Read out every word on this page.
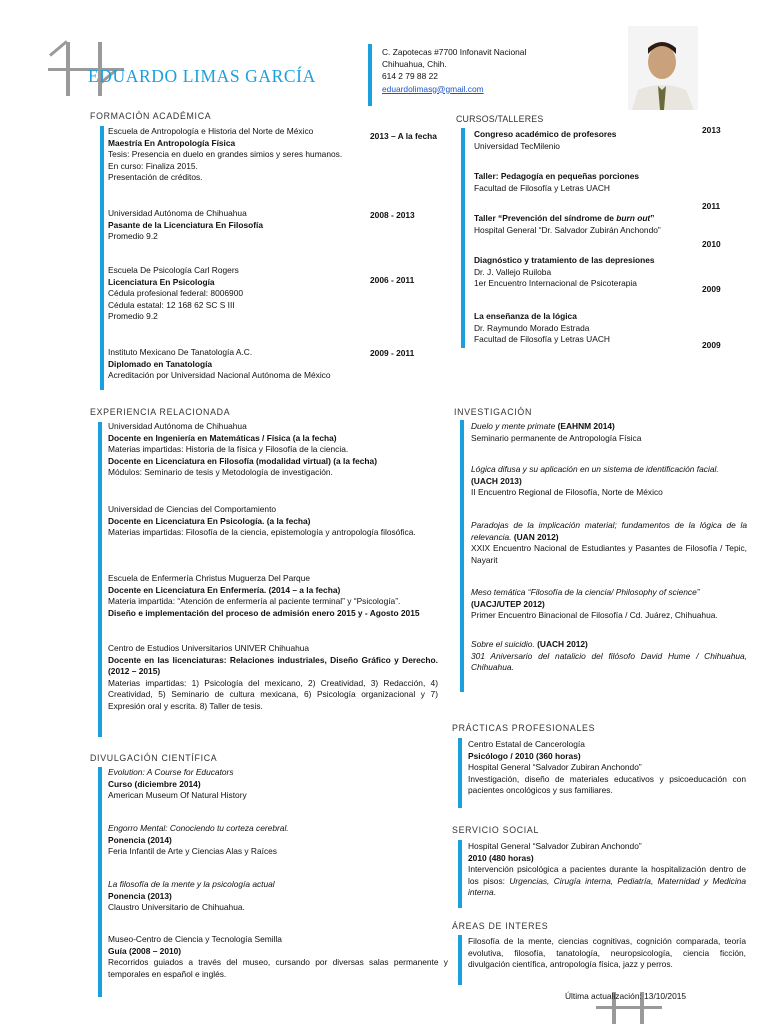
EDUARDO LIMAS GARCÍA
C. Zapotecas #7700 Infonavit Nacional
Chihuahua, Chih.
614 2 79 88 22
eduardolimasg@gmail.com
FORMACIÓN ACADÉMICA
Escuela de Antropología e Historia del Norte de México
Maestría En Antropología Física
Tesis: Presencia en duelo en grandes simios y seres humanos.
En curso: Finaliza 2015.
Presentación de créditos.
2013 – A la fecha
Universidad Autónoma de Chihuahua
Pasante de la Licenciatura En Filosofía
Promedio 9.2
2008 - 2013
Escuela De Psicología Carl Rogers
Licenciatura En Psicología
Cédula profesional federal: 8006900
Cédula estatal: 12 168 62 SC S III
Promedio 9.2
2006 - 2011
Instituto Mexicano De Tanatología A.C.
Diplomado en Tanatología
Acreditación por Universidad Nacional Autónoma de México
2009 - 2011
CURSOS/TALLERES
Congreso académico de profesores
Universidad TecMilenio
2013
Taller: Pedagogía en pequeñas porciones
Facultad de Filosofía y Letras UACH
2011
Taller “Prevención del síndrome de burn out”
Hospital General “Dr. Salvador Zubirán Anchondo”
2010
Diagnóstico y tratamiento de las depresiones
Dr. J. Vallejo Ruiloba
1er Encuentro Internacional de Psicoterapia
2009
La enseñanza de la lógica
Dr. Raymundo Morado Estrada
Facultad de Filosofía y Letras UACH
2009
EXPERIENCIA RELACIONADA
Universidad Autónoma de Chihuahua
Docente en Ingeniería en Matemáticas / Física (a la fecha)
Materias impartidas: Historia de la física y Filosofía de la ciencia.
Docente en Licenciatura en Filosofía (modalidad virtual) (a la fecha)
Módulos: Seminario de tesis y Metodología de investigación.
Universidad de Ciencias del Comportamiento
Docente en Licenciatura En Psicología. (a la fecha)
Materias impartidas: Filosofía de la ciencia, epistemología y antropología filosófica.
Escuela de Enfermería Christus Muguerza Del Parque
Docente en Licenciatura En Enfermería. (2014 – a la fecha)
Materia impartida: “Atención de enfermería al paciente terminal” y “Psicología”.
Diseño e implementación del proceso de admisión enero 2015 y - Agosto 2015
Centro de Estudios Universitarios UNIVER Chihuahua
Docente en las licenciaturas: Relaciones industriales, Diseño Gráfico y Derecho. (2012 – 2015)
Materias impartidas: 1) Psicología del mexicano, 2) Creatividad, 3) Redacción, 4) Creatividad, 5) Seminario de cultura mexicana, 6) Psicología organizacional y 7) Expresión oral y escrita. 8) Taller de tesis.
INVESTIGACIÓN
Duelo y mente primate (EAHNM 2014)
Seminario permanente de Antropología Física
Lógica difusa y su aplicación en un sistema de identificación facial.
(UACH 2013)
II Encuentro Regional de Filosofía, Norte de México
Paradojas de la implicación material; fundamentos de la lógica de la relevancia. (UAN 2012)
XXIX Encuentro Nacional de Estudiantes y Pasantes de Filosofía / Tepic, Nayarit
Meso temática “Filosofía de la ciencia/ Philosophy of science”
(UACJ/UTEP 2012)
Primer Encuentro Binacional de Filosofía / Cd. Juárez, Chihuahua.
Sobre el suicidio. (UACH 2012)
301 Aniversario del natalicio del filósofo David Hume / Chihuahua, Chihuahua.
PRÁCTICAS PROFESIONALES
Centro Estatal de Cancerología
Psicólogo / 2010 (360 horas)
Hospital General “Salvador Zubiran Anchondo”
Investigación, diseño de materiales educativos y psicoeducación con pacientes oncológicos y sus familiares.
SERVICIO SOCIAL
Hospital General “Salvador Zubiran Anchondo”
2010 (480 horas)
Intervención psicológica a pacientes durante la hospitalización dentro de los pisos: Urgencias, Cirugía interna, Pediatría, Maternidad y Medicina interna.
ÁREAS DE INTERES
Filosofía de la mente, ciencias cognitivas, cognición comparada, teoría evolutiva, filosofía, tanatología, neuropsicología, ciencia ficción, divulgación científica, antropología física, jazz y perros.
DIVULGACIÓN CIENTÍFICA
Evolution: A Course for Educators
Curso (diciembre 2014)
American Museum Of Natural History
Engorro Mental: Conociendo tu corteza cerebral.
Ponencia (2014)
Feria Infantil de Arte y Ciencias Alas y Raíces
La filosofía de la mente y la psicología actual
Ponencia (2013)
Claustro Universitario de Chihuahua.
Museo-Centro de Ciencia y Tecnología Semilla
Guía (2008 – 2010)
Recorridos guiados a través del museo, cursando por diversas salas permanente y temporales en español e inglés.
Última actualización: 13/10/2015
